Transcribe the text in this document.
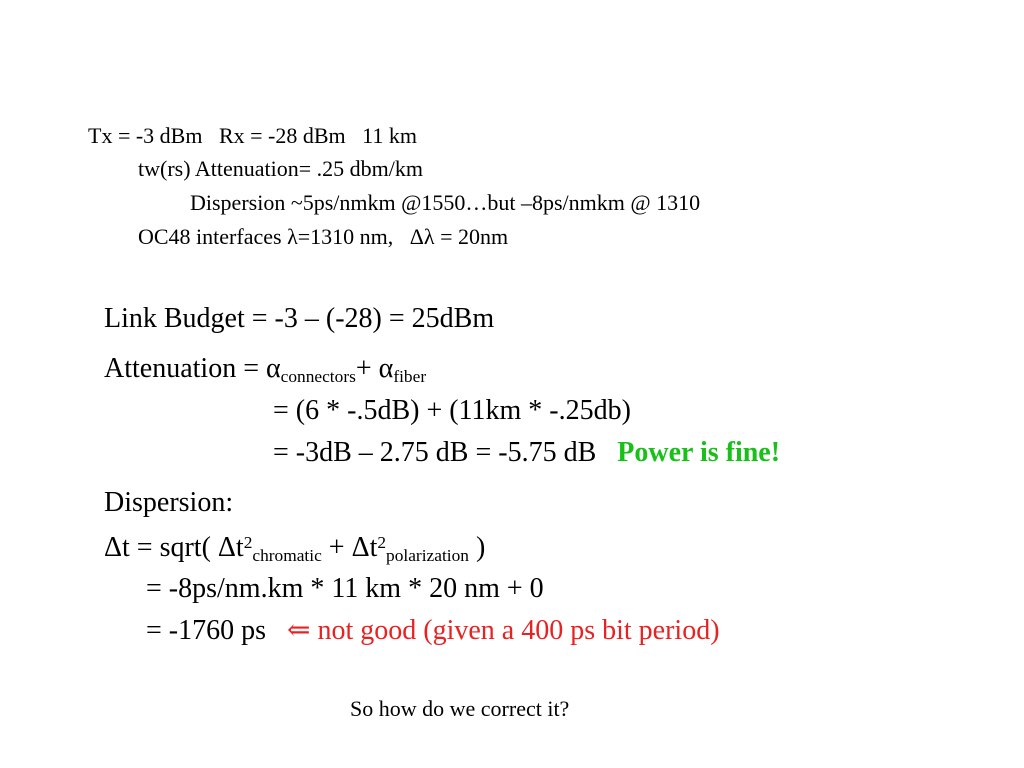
Tx = -3 dBm   Rx = -28 dBm   11 km
tw(rs) Attenuation= .25 dbm/km
Dispersion ~5ps/nmkm @1550…but –8ps/nmkm @ 1310
OC48 interfaces λ=1310 nm,   Δλ = 20nm
Link Budget = -3 – (-28) = 25dBm
Attenuation = αconnectors+ αfiber
= (6 * -.5dB) + (11km * -.25db)
= -3dB – 2.75 dB = -5.75 dB   Power is fine!
Dispersion:
Δt = sqrt( $\Delta t^2chromatic$ + $\Delta t^2polarization$ )
= -8ps/nm.km * 11 km * 20 nm + 0
= -1760 ps   ⇐ not good (given a 400 ps bit period)
So how do we correct it?
